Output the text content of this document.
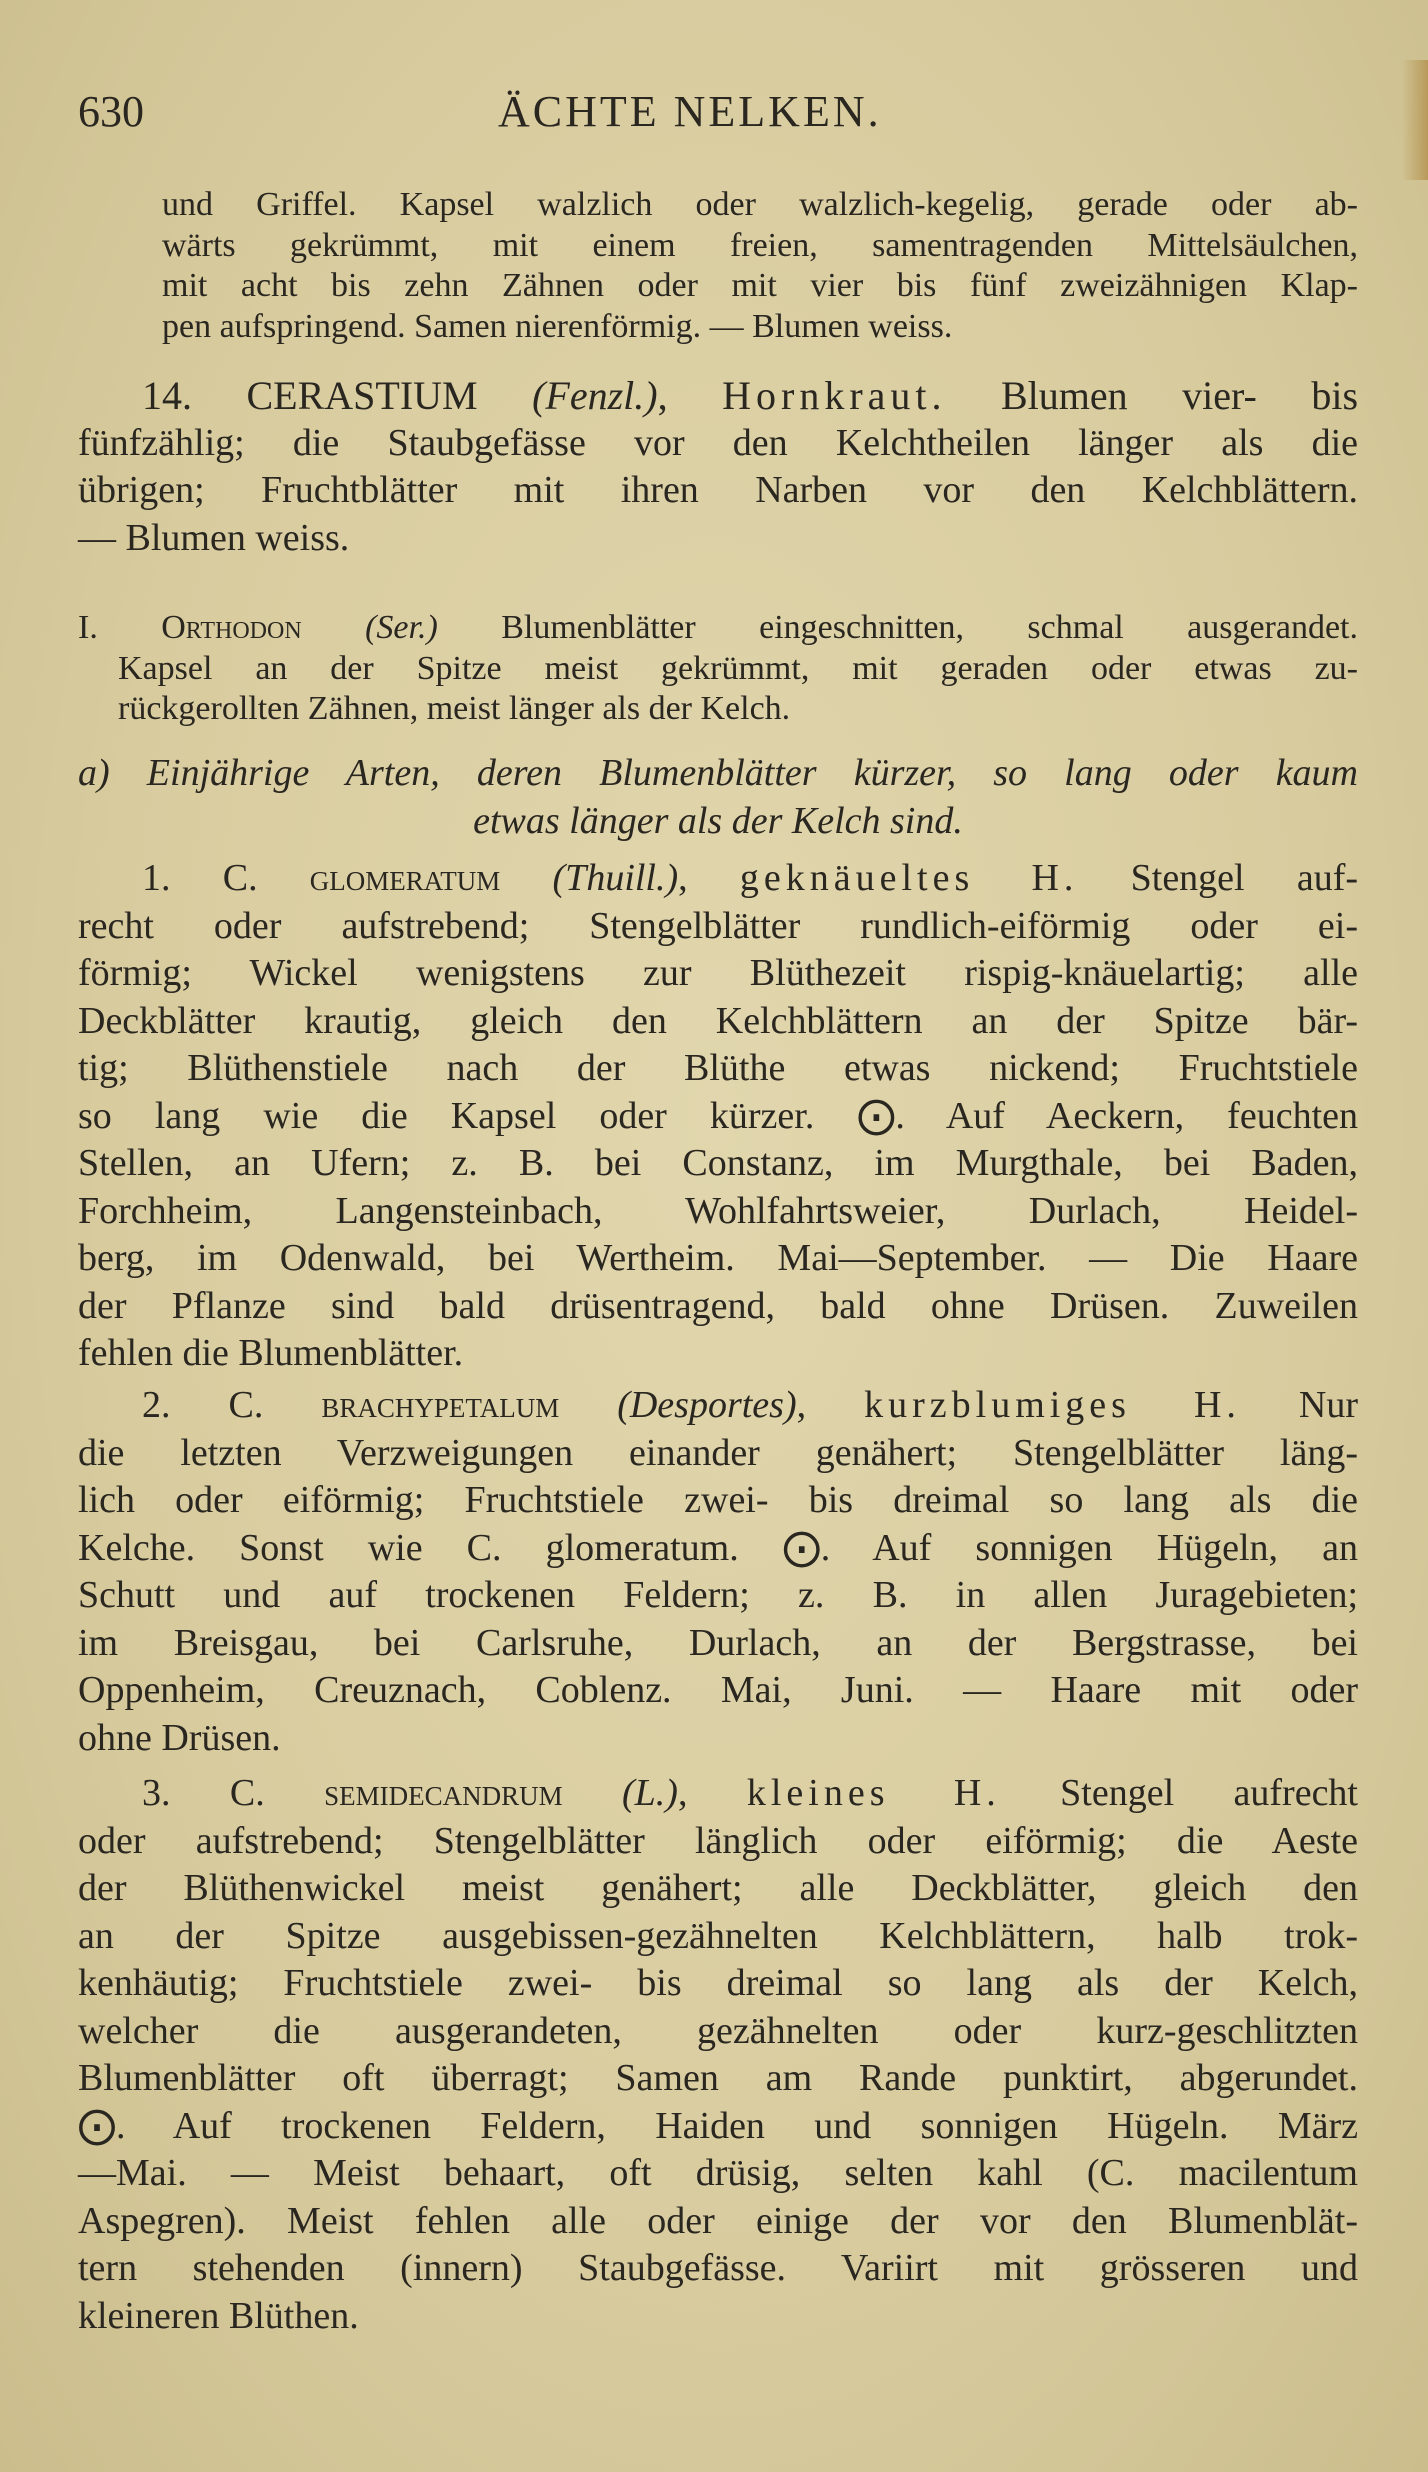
630	ÄCHTE NELKEN.
und Griffel. Kapsel walzlich oder walzlich-kegelig, gerade oder ab-
wärts gekrümmt, mit einem freien, samentragenden Mittelsäulchen,
mit acht bis zehn Zähnen oder mit vier bis fünf zweizähnigen Klap-
pen aufspringend. Samen nierenförmig. — Blumen weiss.
14. CERASTIUM (Fenzl.), Hornkraut. Blumen vier- bis
fünfzählig; die Staubgefässe vor den Kelchtheilen länger als die
übrigen; Fruchtblätter mit ihren Narben vor den Kelchblättern.
— Blumen weiss.
I. Orthodon (Ser.) Blumenblätter eingeschnitten, schmal ausgerandet.
Kapsel an der Spitze meist gekrümmt, mit geraden oder etwas zu-
rückgerollten Zähnen, meist länger als der Kelch.
a) Einjährige Arten, deren Blumenblätter kürzer, so lang oder kaum
etwas länger als der Kelch sind.
1. C. glomeratum (Thuill.), geknäueltes H. Stengel auf-
recht oder aufstrebend; Stengelblätter rundlich-eiförmig oder ei-
förmig; Wickel wenigstens zur Blüthezeit rispig-knäuelartig; alle
Deckblätter krautig, gleich den Kelchblättern an der Spitze bär-
tig; Blüthenstiele nach der Blüthe etwas nickend; Fruchtstiele
so lang wie die Kapsel oder kürzer. ⨀. Auf Aeckern, feuchten
Stellen, an Ufern; z. B. bei Constanz, im Murgthale, bei Baden,
Forchheim, Langensteinbach, Wohlfahrtsweier, Durlach, Heidel-
berg, im Odenwald, bei Wertheim. Mai—September. — Die Haare
der Pflanze sind bald drüsentragend, bald ohne Drüsen. Zuweilen
fehlen die Blumenblätter.
2. C. brachypetalum (Desportes), kurzblumiges H. Nur
die letzten Verzweigungen einander genähert; Stengelblätter läng-
lich oder eiförmig; Fruchtstiele zwei- bis dreimal so lang als die
Kelche. Sonst wie C. glomeratum. ⨀. Auf sonnigen Hügeln, an
Schutt und auf trockenen Feldern; z. B. in allen Juragebieten;
im Breisgau, bei Carlsruhe, Durlach, an der Bergstrasse, bei
Oppenheim, Creuznach, Coblenz. Mai, Juni. — Haare mit oder
ohne Drüsen.
3. C. semidecandrum (L.), kleines H. Stengel aufrecht
oder aufstrebend; Stengelblätter länglich oder eiförmig; die Aeste
der Blüthenwickel meist genähert; alle Deckblätter, gleich den
an der Spitze ausgebissen-gezähnelten Kelchblättern, halb trok-
kenhäutig; Fruchtstiele zwei- bis dreimal so lang als der Kelch,
welcher die ausgerandeten, gezähnelten oder kurz-geschlitzten
Blumenblätter oft überragt; Samen am Rande punktirt, abgerundet.
⨀. Auf trockenen Feldern, Haiden und sonnigen Hügeln. März
—Mai. — Meist behaart, oft drüsig, selten kahl (C. macilentum
Aspegren). Meist fehlen alle oder einige der vor den Blumenblät-
tern stehenden (innern) Staubgefässe. Variirt mit grösseren und
kleineren Blüthen.
